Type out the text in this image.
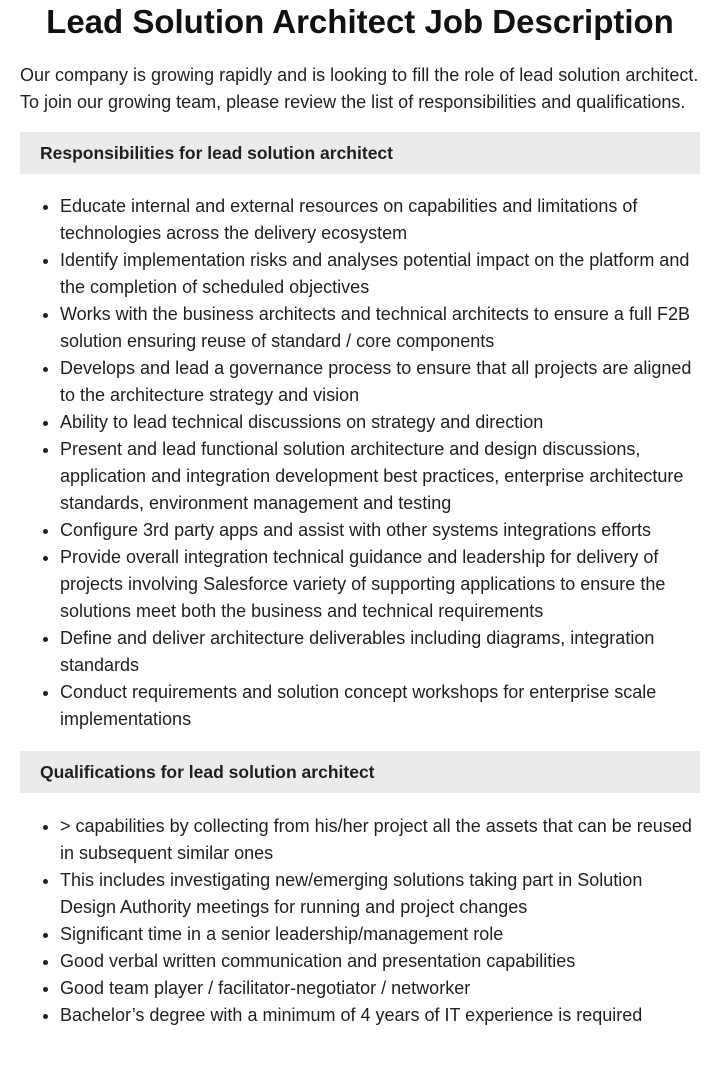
Lead Solution Architect Job Description

Our company is growing rapidly and is looking to fill the role of lead solution architect. To join our growing team, please review the list of responsibilities and qualifications.

Responsibilities for lead solution architect
• Educate internal and external resources on capabilities and limitations of technologies across the delivery ecosystem
• Identify implementation risks and analyses potential impact on the platform and the completion of scheduled objectives
• Works with the business architects and technical architects to ensure a full F2B solution ensuring reuse of standard / core components
• Develops and lead a governance process to ensure that all projects are aligned to the architecture strategy and vision
• Ability to lead technical discussions on strategy and direction
• Present and lead functional solution architecture and design discussions, application and integration development best practices, enterprise architecture standards, environment management and testing
• Configure 3rd party apps and assist with other systems integrations efforts
• Provide overall integration technical guidance and leadership for delivery of projects involving Salesforce variety of supporting applications to ensure the solutions meet both the business and technical requirements
• Define and deliver architecture deliverables including diagrams, integration standards
• Conduct requirements and solution concept workshops for enterprise scale implementations
Qualifications for lead solution architect
• > capabilities by collecting from his/her project all the assets that can be reused in subsequent similar ones
• This includes investigating new/emerging solutions taking part in Solution Design Authority meetings for running and project changes
• Significant time in a senior leadership/management role
• Good verbal written communication and presentation capabilities
• Good team player / facilitator-negotiator / networker
• Bachelor’s degree with a minimum of 4 years of IT experience is required
